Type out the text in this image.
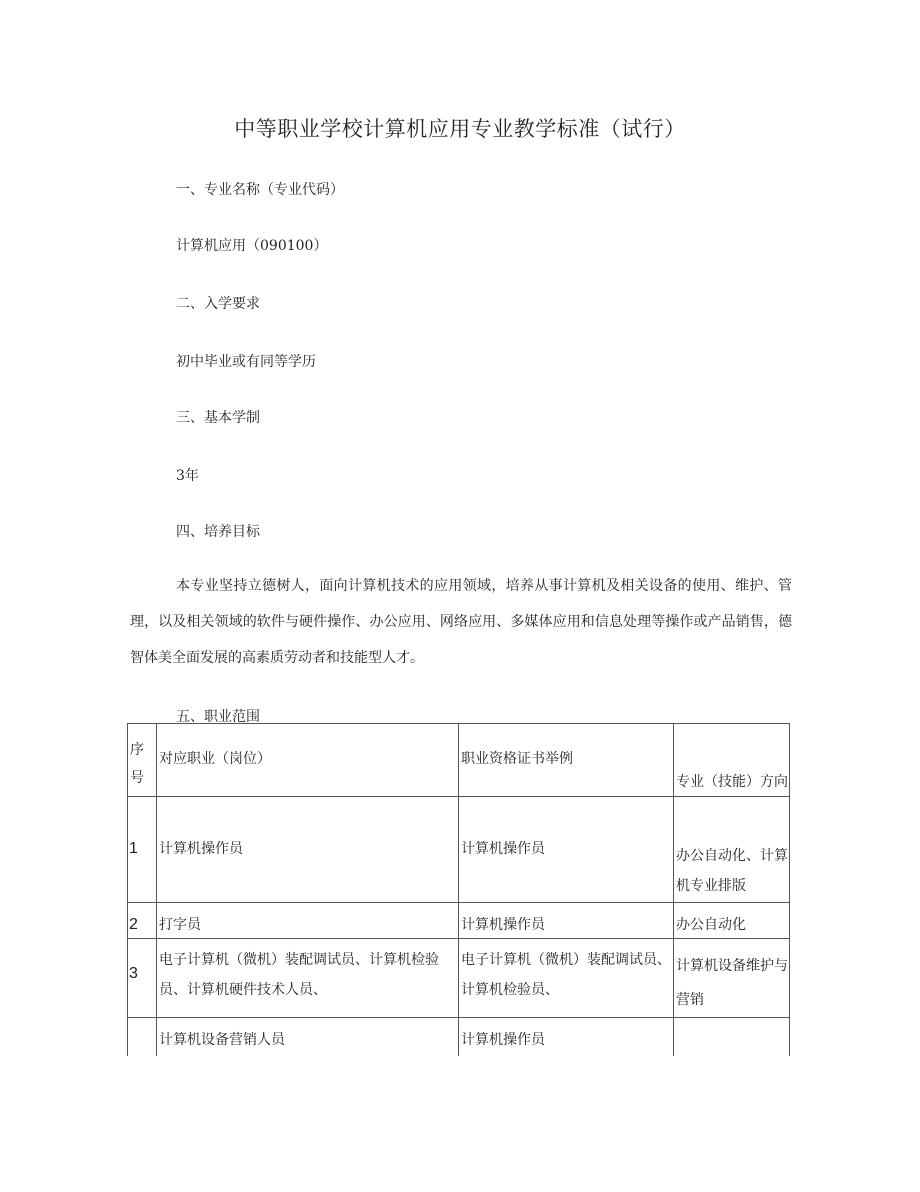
中等职业学校计算机应用专业教学标准（试行）
一、专业名称（专业代码）
计算机应用（090100）
二、入学要求
初中毕业或有同等学历
三、基本学制
3年
四、培养目标
本专业坚持立德树人，面向计算机技术的应用领域，培养从事计算机及相关设备的使用、维护、管理，以及相关领域的软件与硬件操作、办公应用、网络应用、多媒体应用和信息处理等操作或产品销售，德智体美全面发展的高素质劳动者和技能型人才。
五、职业范围
序号	对应职业（岗位）	职业资格证书举例	专业（技能）方向
1	计算机操作员	计算机操作员	办公自动化、计算机专业排版
2	打字员	计算机操作员	办公自动化
3	电子计算机（微机）装配调试员、计算机检验员、计算机硬件技术人员、	电子计算机（微机）装配调试员、计算机检验员、	计算机设备维护与营销
	计算机设备营销人员	计算机操作员	
